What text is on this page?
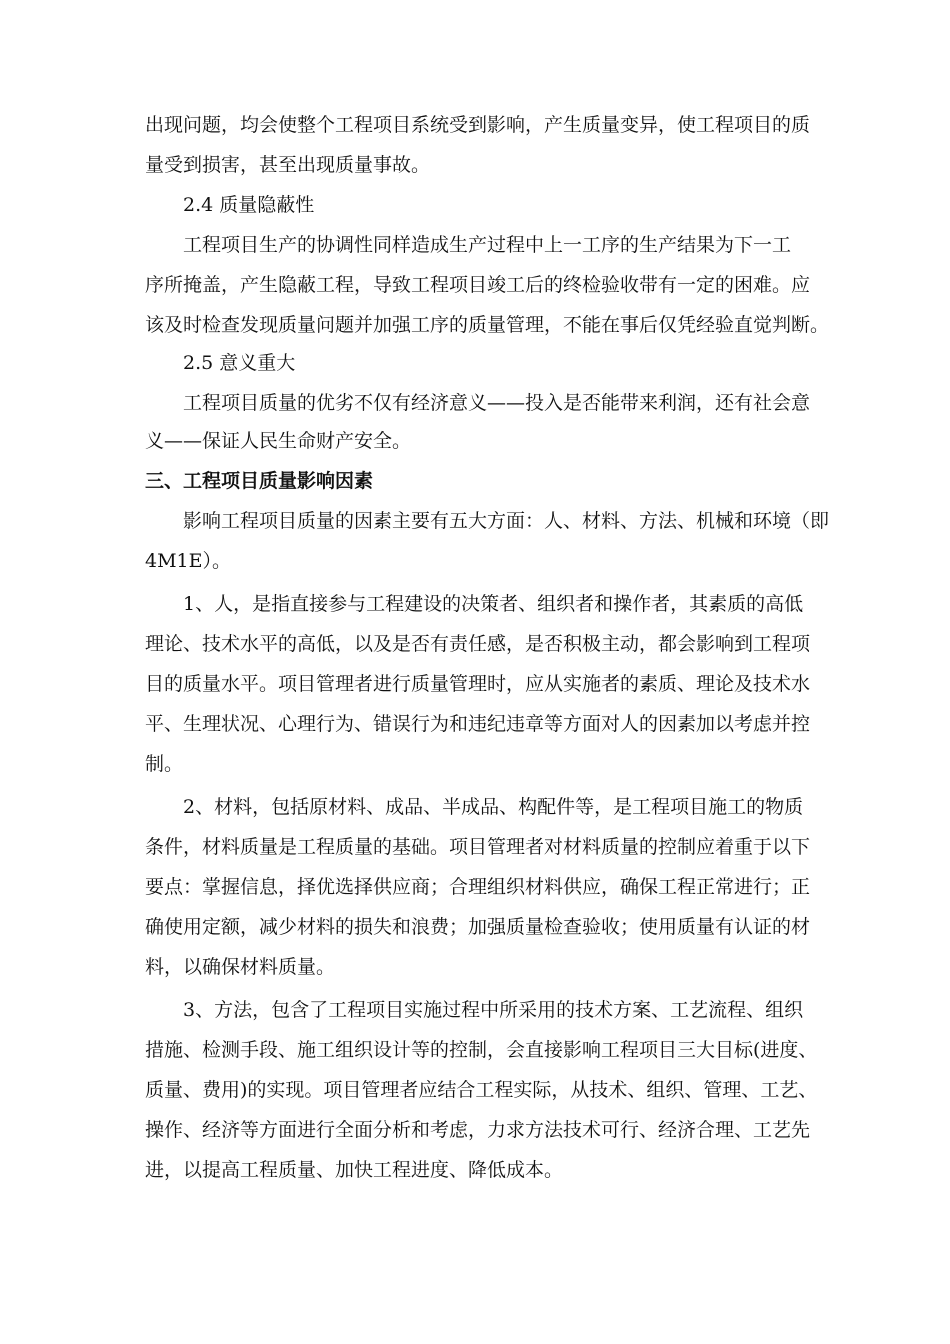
出现问题，均会使整个工程项目系统受到影响，产生质量变异，使工程项目的质
量受到损害，甚至出现质量事故。
2.4 质量隐蔽性
工程项目生产的协调性同样造成生产过程中上一工序的生产结果为下一工
序所掩盖，产生隐蔽工程，导致工程项目竣工后的终检验收带有一定的困难。应
该及时检查发现质量问题并加强工序的质量管理，不能在事后仅凭经验直觉判断。
2.5 意义重大
工程项目质量的优劣不仅有经济意义——投入是否能带来利润，还有社会意
义——保证人民生命财产安全。
三、工程项目质量影响因素
影响工程项目质量的因素主要有五大方面：人、材料、方法、机械和环境（即
4M1E）。
1、人，是指直接参与工程建设的决策者、组织者和操作者，其素质的高低
理论、技术水平的高低，以及是否有责任感，是否积极主动，都会影响到工程项
目的质量水平。项目管理者进行质量管理时，应从实施者的素质、理论及技术水
平、生理状况、心理行为、错误行为和违纪违章等方面对人的因素加以考虑并控
制。
2、材料，包括原材料、成品、半成品、构配件等，是工程项目施工的物质
条件，材料质量是工程质量的基础。项目管理者对材料质量的控制应着重于以下
要点：掌握信息，择优选择供应商；合理组织材料供应，确保工程正常进行；正
确使用定额，减少材料的损失和浪费；加强质量检查验收；使用质量有认证的材
料，以确保材料质量。
3、方法，包含了工程项目实施过程中所采用的技术方案、工艺流程、组织
措施、检测手段、施工组织设计等的控制，会直接影响工程项目三大目标(进度、
质量、费用)的实现。项目管理者应结合工程实际，从技术、组织、管理、工艺、
操作、经济等方面进行全面分析和考虑，力求方法技术可行、经济合理、工艺先
进，以提高工程质量、加快工程进度、降低成本。
